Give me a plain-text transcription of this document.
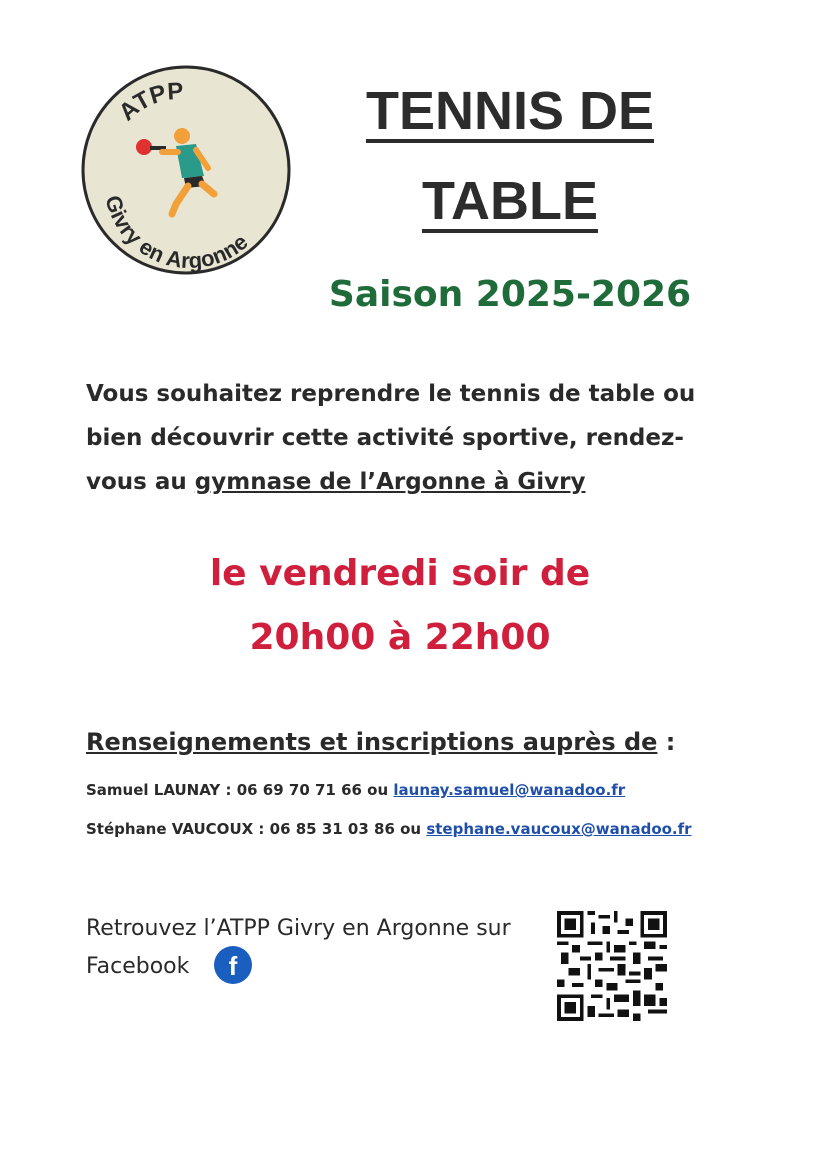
ATPP
Givry en Argonne
TENNIS DE
TABLE
Saison 2025-2026
Vous souhaitez reprendre le tennis de table ou
bien découvrir cette activité sportive, rendez-
vous au gymnase de l’Argonne à Givry
le vendredi soir de
20h00 à 22h00
Renseignements et inscriptions auprès de :
Samuel LAUNAY : 06 69 70 71 66 ou launay.samuel@wanadoo.fr
Stéphane VAUCOUX : 06 85 31 03 86 ou stephane.vaucoux@wanadoo.fr
Retrouvez l’ATPP Givry en Argonne sur
Facebook	f
